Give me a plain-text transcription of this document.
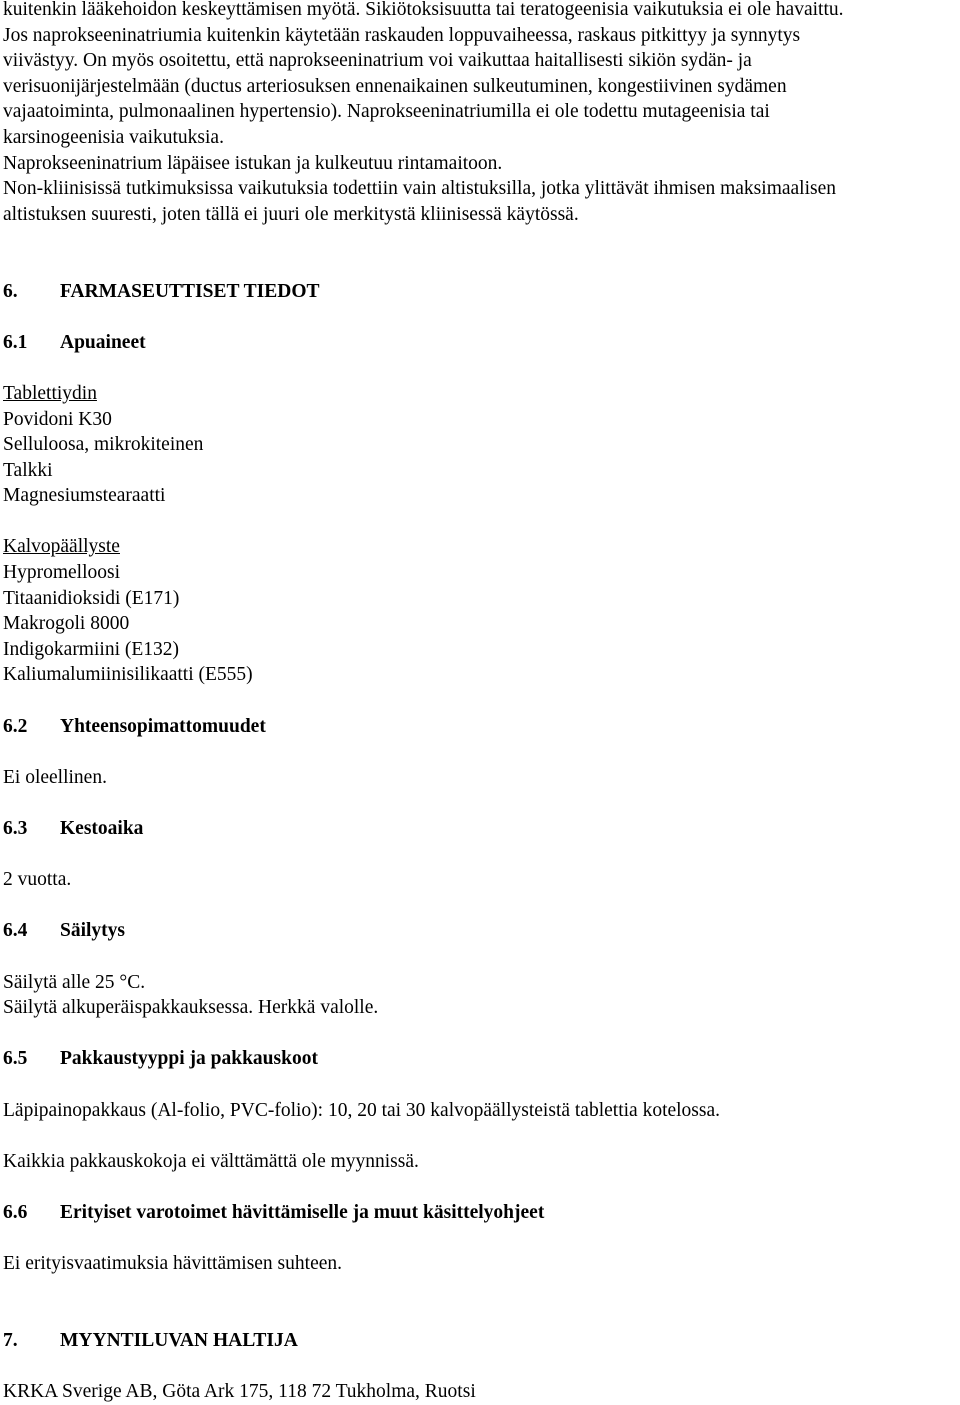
kuitenkin lääkehoidon keskeyttämisen myötä. Sikiötoksisuutta tai teratogeenisia vaikutuksia ei ole havaittu.
Jos naprokseeninatriumia kuitenkin käytetään raskauden loppuvaiheessa, raskaus pitkittyy ja synnytys
viivästyy. On myös osoitettu, että naprokseeninatrium voi vaikuttaa haitallisesti sikiön sydän- ja
verisuonijärjestelmään (ductus arteriosuksen ennenaikainen sulkeutuminen, kongestiivinen sydämen
vajaatoiminta, pulmonaalinen hypertensio). Naprokseeninatriumilla ei ole todettu mutageenisia tai
karsinogeenisia vaikutuksia.
Naprokseeninatrium läpäisee istukan ja kulkeutuu rintamaitoon.
Non-kliinisissä tutkimuksissa vaikutuksia todettiin vain altistuksilla, jotka ylittävät ihmisen maksimaalisen
altistuksen suuresti, joten tällä ei juuri ole merkitystä kliinisessä käytössä.
6. FARMASEUTTISET TIEDOT
6.1 Apuaineet
Tablettiydin
Povidoni K30
Selluloosa, mikrokiteinen
Talkki
Magnesiumstearaatti
Kalvopäällyste
Hypromelloosi
Titaanidioksidi (E171)
Makrogoli 8000
Indigokarmiini (E132)
Kaliumalumiinisilikaatti (E555)
6.2 Yhteensopimattomuudet
Ei oleellinen.
6.3 Kestoaika
2 vuotta.
6.4 Säilytys
Säilytä alle 25 °C.
Säilytä alkuperäispakkauksessa. Herkkä valolle.
6.5 Pakkaustyyppi ja pakkauskoot
Läpipainopakkaus (Al-folio, PVC-folio): 10, 20 tai 30 kalvopäällysteistä tablettia kotelossa.
Kaikkia pakkauskokoja ei välttämättä ole myynnissä.
6.6 Erityiset varotoimet hävittämiselle ja muut käsittelyohjeet
Ei erityisvaatimuksia hävittämisen suhteen.
7. MYYNTILUVAN HALTIJA
KRKA Sverige AB, Göta Ark 175, 118 72 Tukholma, Ruotsi
